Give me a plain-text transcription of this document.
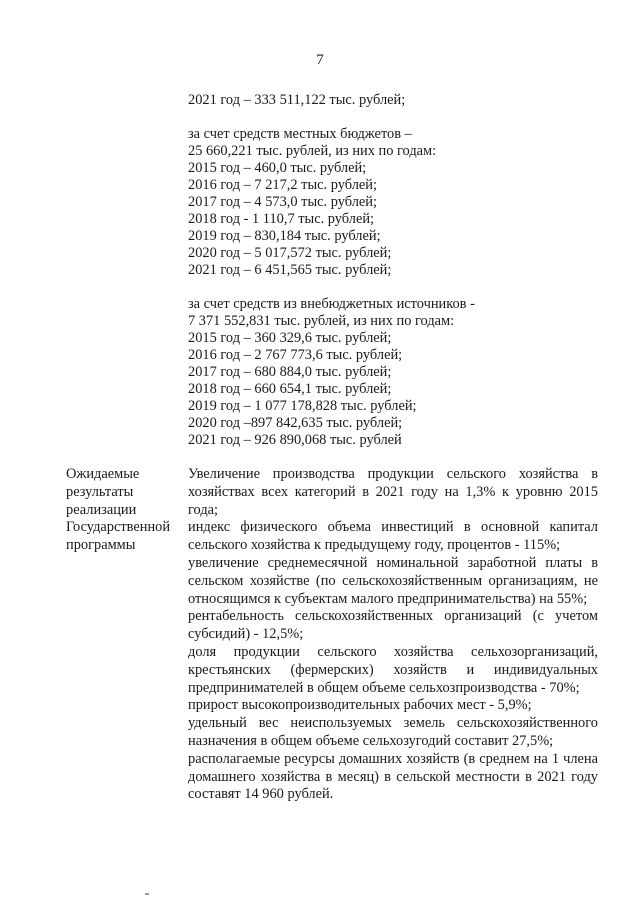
7
2021 год – 333 511,122 тыс. рублей;
за счет средств местных бюджетов –
25 660,221 тыс. рублей, из них по годам:
2015 год – 460,0 тыс. рублей;
2016 год – 7 217,2 тыс. рублей;
2017 год – 4 573,0 тыс. рублей;
2018 год - 1 110,7 тыс. рублей;
2019 год – 830,184 тыс. рублей;
2020 год – 5 017,572 тыс. рублей;
2021 год – 6 451,565 тыс. рублей;
за счет средств из внебюджетных источников -
7 371 552,831 тыс. рублей, из них по годам:
2015 год – 360 329,6 тыс. рублей;
2016 год – 2 767 773,6 тыс. рублей;
2017 год – 680 884,0 тыс. рублей;
2018 год – 660 654,1 тыс. рублей;
2019 год – 1 077 178,828 тыс. рублей;
2020 год –897 842,635 тыс. рублей;
2021 год – 926 890,068 тыс. рублей
Ожидаемые
результаты
реализации
Государственной
программы

Увеличение производства продукции сельского хозяйства в хозяйствах всех категорий в 2021 году на 1,3% к уровню 2015 года;

индекс физического объема инвестиций в основной капитал сельского хозяйства к предыдущему году, процентов - 115%;

увеличение среднемесячной номинальной заработной платы в сельском хозяйстве (по сельскохозяйственным организациям, не относящимся к субъектам малого предпринимательства) на 55%;

рентабельность сельскохозяйственных организаций (с учетом субсидий) - 12,5%;

доля продукции сельского хозяйства сельхозорганизаций, крестьянских (фермерских) хозяйств и индивидуальных предпринимателей в общем объеме сельхозпроизводства - 70%;

прирост высокопроизводительных рабочих мест - 5,9%;

удельный вес неиспользуемых земель сельскохозяйственного назначения в общем объеме сельхозугодий составит 27,5%;

располагаемые ресурсы домашних хозяйств (в среднем на 1 члена домашнего хозяйства в месяц) в сельской местности в 2021 году составят 14 960 рублей.
